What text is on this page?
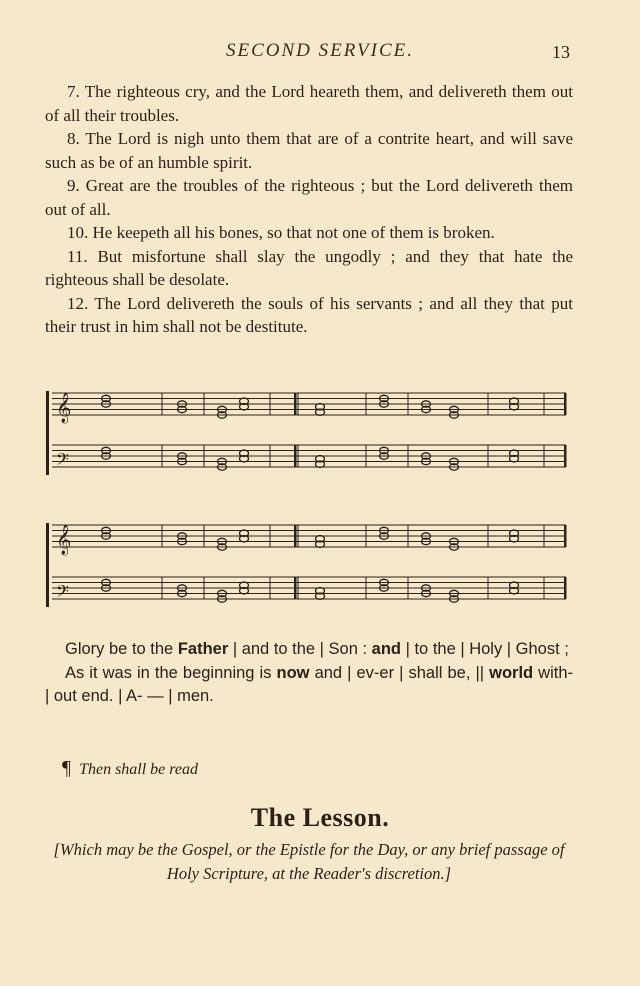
SECOND SERVICE.	13

7. The righteous cry, and the Lord heareth them, and delivereth them out of all their troubles.

8. The Lord is nigh unto them that are of a contrite heart, and will save such as be of an humble spirit.

9. Great are the troubles of the righteous ; but the Lord delivereth them out of all.

10. He keepeth all his bones, so that not one of them is broken.

11. But misfortune shall slay the ungodly ; and they that hate the righteous shall be desolate.

12. The Lord delivereth the souls of his servants ; and all they that put their trust in him shall not be destitute.

𝄞
𝄢
𝄞
𝄢
Glory be to the Father | and to the | Son : and | to the | Holy | Ghost ;
As it was in the beginning is now and | ev-er | shall be, || world with- | out end. | A- — | men.
¶ Then shall be read
The Lesson.
[Which may be the Gospel, or the Epistle for the Day, or any brief passage of Holy Scripture, at the Reader's discretion.]
